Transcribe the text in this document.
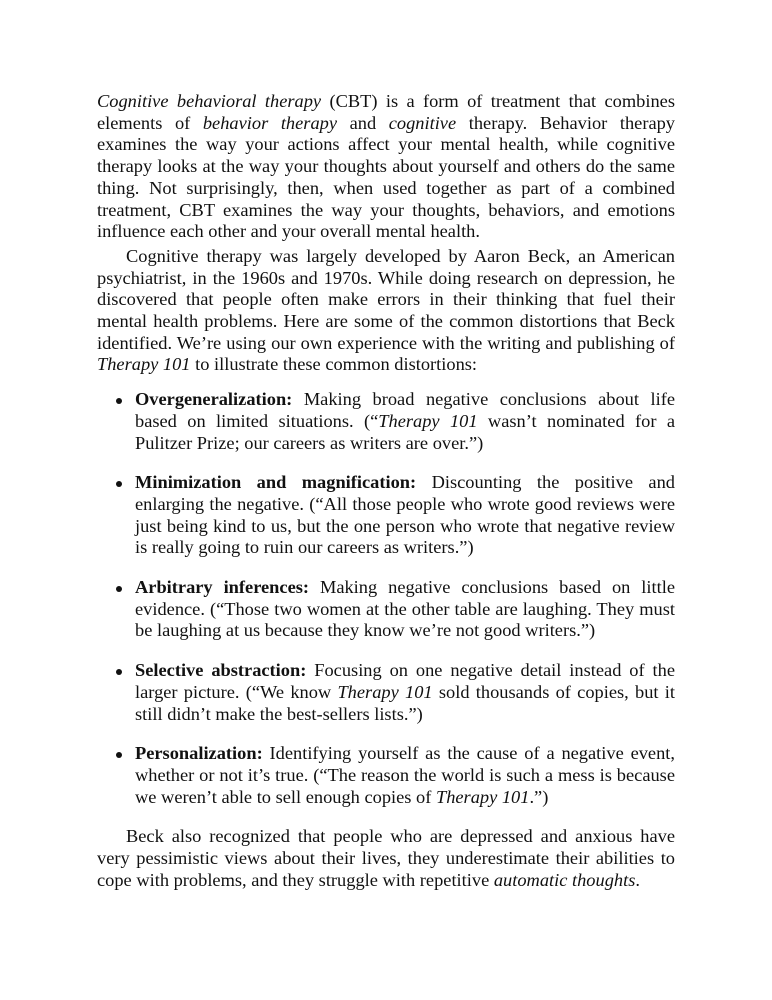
Cognitive behavioral therapy (CBT) is a form of treatment that combines elements of behavior therapy and cognitive therapy. Behavior therapy examines the way your actions affect your mental health, while cognitive therapy looks at the way your thoughts about yourself and others do the same thing. Not surprisingly, then, when used together as part of a combined treatment, CBT examines the way your thoughts, behaviors, and emotions influence each other and your overall mental health.

Cognitive therapy was largely developed by Aaron Beck, an American psychiatrist, in the 1960s and 1970s. While doing research on depression, he discovered that people often make errors in their thinking that fuel their mental health problems. Here are some of the common distortions that Beck identified. We’re using our own experience with the writing and publishing of Therapy 101 to illustrate these common distortions:

Overgeneralization: Making broad negative conclusions about life based on limited situations. (“Therapy 101 wasn’t nominated for a Pulitzer Prize; our careers as writers are over.”)
Minimization and magnification: Discounting the positive and enlarging the negative. (“All those people who wrote good reviews were just being kind to us, but the one person who wrote that negative review is really going to ruin our careers as writers.”)
Arbitrary inferences: Making negative conclusions based on little evidence. (“Those two women at the other table are laughing. They must be laughing at us because they know we’re not good writers.”)
Selective abstraction: Focusing on one negative detail instead of the larger picture. (“We know Therapy 101 sold thousands of copies, but it still didn’t make the best-sellers lists.”)
Personalization: Identifying yourself as the cause of a negative event, whether or not it’s true. (“The reason the world is such a mess is because we weren’t able to sell enough copies of Therapy 101.”)

Beck also recognized that people who are depressed and anxious have very pessimistic views about their lives, they underestimate their abilities to cope with problems, and they struggle with repetitive automatic thoughts.
